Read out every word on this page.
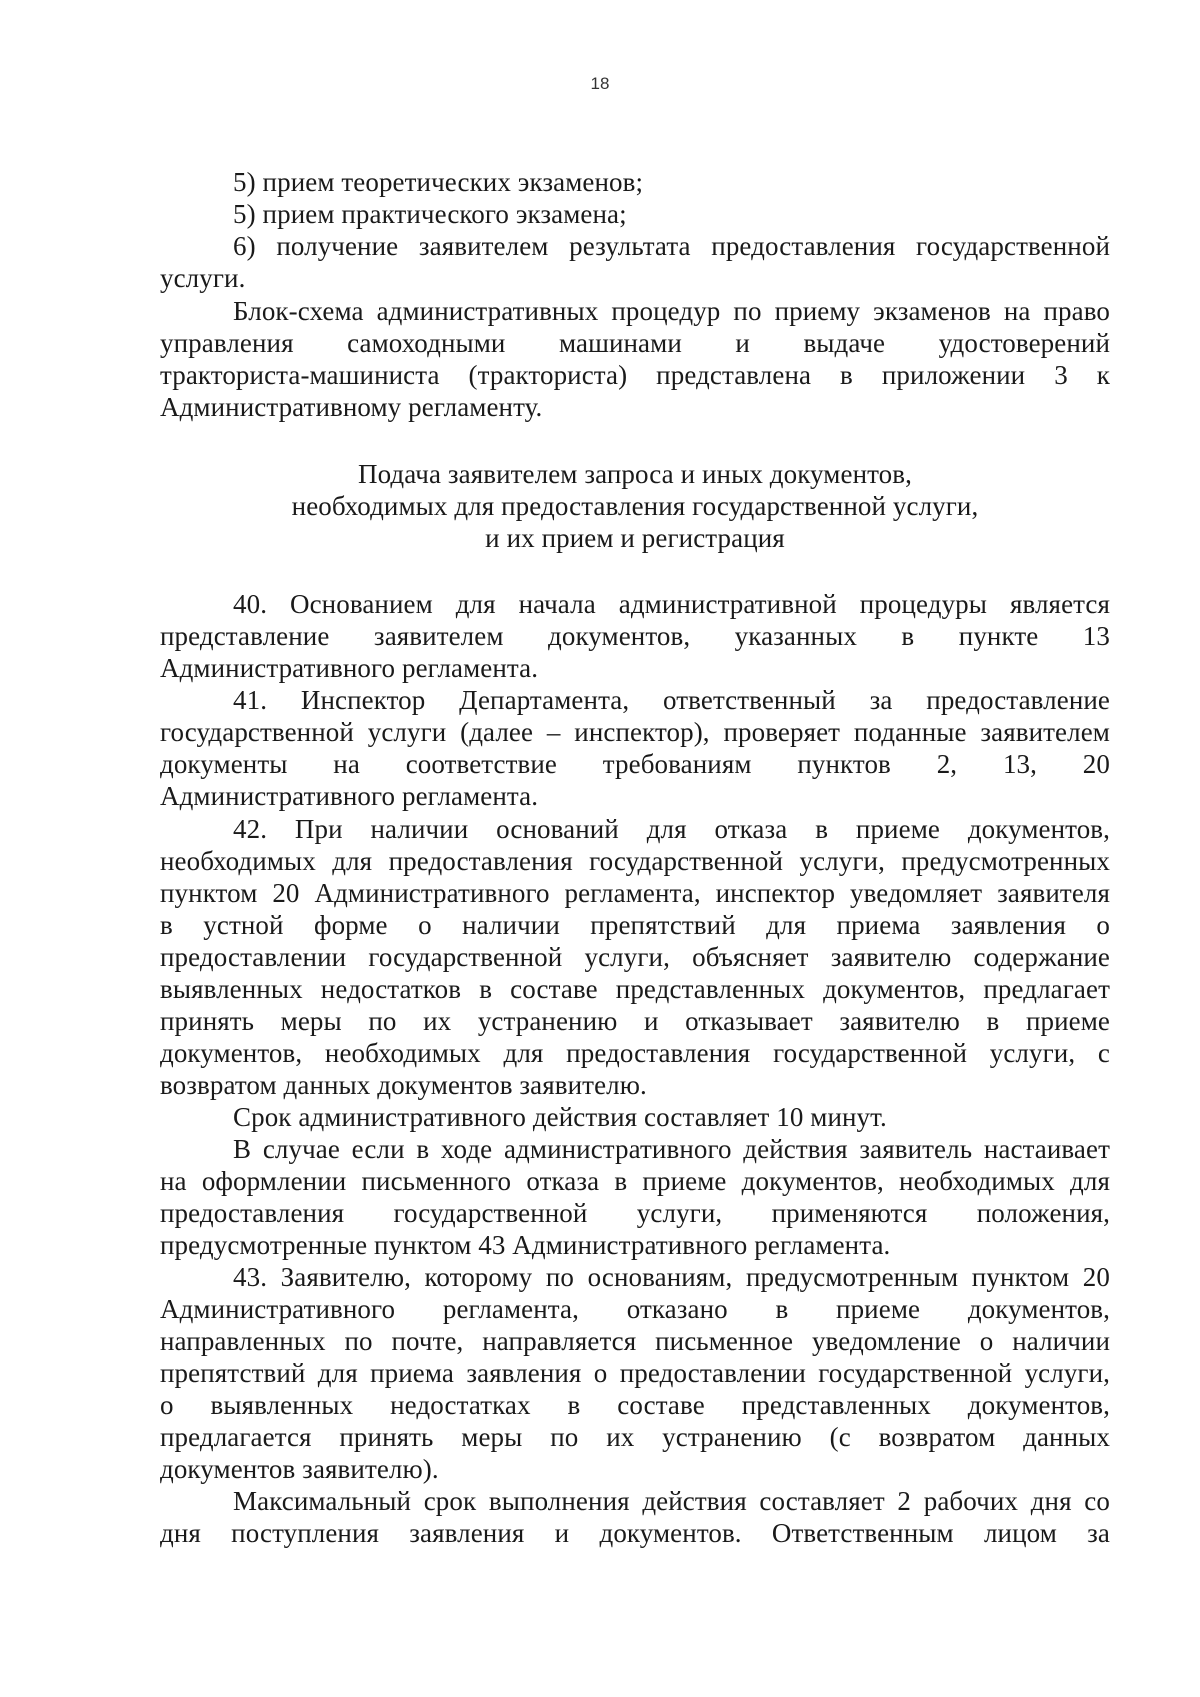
18
5) прием теоретических экзаменов;
5) прием практического экзамена;
6) получение заявителем результата предоставления государственной
услуги.
Блок-схема административных процедур по приему экзаменов на право
управления самоходными машинами и выдаче удостоверений
тракториста-машиниста (тракториста) представлена в приложении 3 к
Административному регламенту.
Подача заявителем запроса и иных документов,
необходимых для предоставления государственной услуги,
и их прием и регистрация
40. Основанием для начала административной процедуры является
представление заявителем документов, указанных в пункте 13
Административного регламента.
41. Инспектор Департамента, ответственный за предоставление
государственной услуги (далее – инспектор), проверяет поданные заявителем
документы на соответствие требованиям пунктов 2, 13, 20
Административного регламента.
42. При наличии оснований для отказа в приеме документов,
необходимых для предоставления государственной услуги, предусмотренных
пунктом 20 Административного регламента, инспектор уведомляет заявителя
в устной форме о наличии препятствий для приема заявления о
предоставлении государственной услуги, объясняет заявителю содержание
выявленных недостатков в составе представленных документов, предлагает
принять меры по их устранению и отказывает заявителю в приеме
документов, необходимых для предоставления государственной услуги, с
возвратом данных документов заявителю.
Срок административного действия составляет 10 минут.
В случае если в ходе административного действия заявитель настаивает
на оформлении письменного отказа в приеме документов, необходимых для
предоставления государственной услуги, применяются положения,
предусмотренные пунктом 43 Административного регламента.
43. Заявителю, которому по основаниям, предусмотренным пунктом 20
Административного регламента, отказано в приеме документов,
направленных по почте, направляется письменное уведомление о наличии
препятствий для приема заявления о предоставлении государственной услуги,
о выявленных недостатках в составе представленных документов,
предлагается принять меры по их устранению (с возвратом данных
документов заявителю).
Максимальный срок выполнения действия составляет 2 рабочих дня со
дня поступления заявления и документов. Ответственным лицом за
